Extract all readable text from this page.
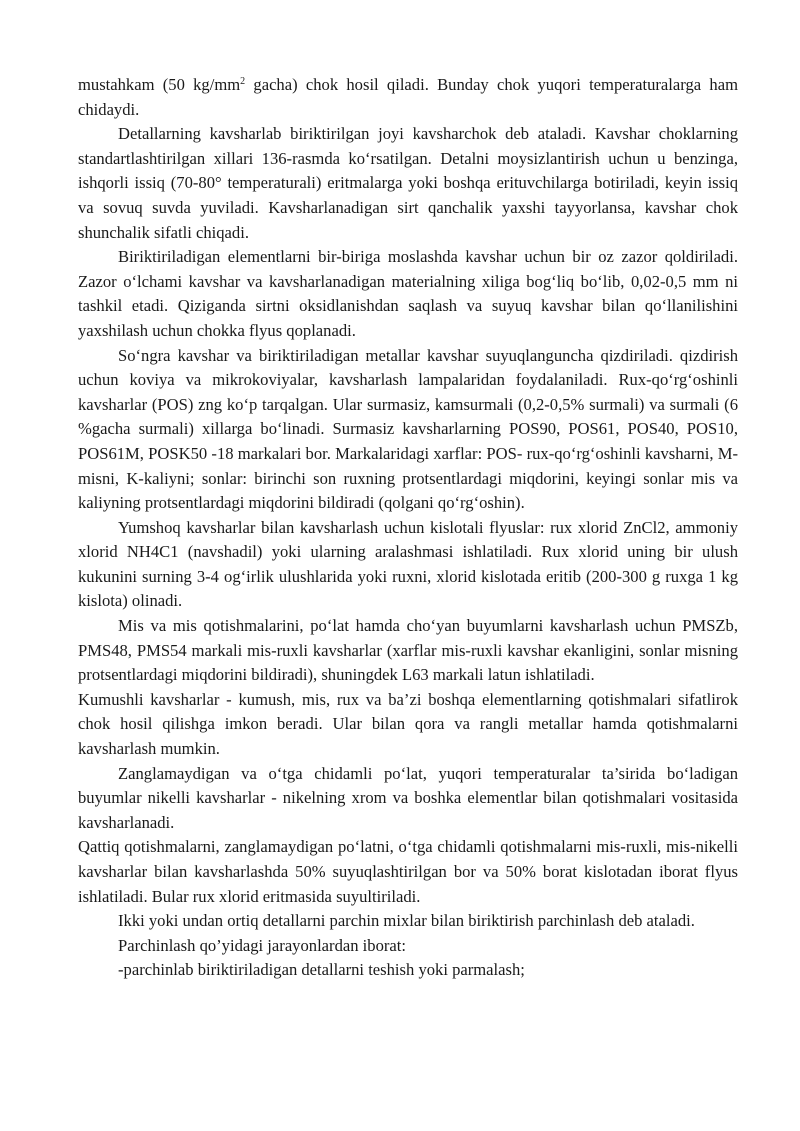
mustahkam (50 $kg/mm^2$ gacha) chok hosil qiladi. Bunday chok yuqori temperaturalarga ham chidaydi.

Detallarning kavsharlab biriktirilgan joyi kavsharchok deb ataladi. Kavshar choklarning standartlashtirilgan xillari 136-rasmda ko‘rsatilgan. Detalni moysizlantirish uchun u benzinga, ishqorli issiq (70-80° temperaturali) eritmalarga yoki boshqa erituvchilarga botiriladi, keyin issiq va sovuq suvda yuviladi. Kavsharlanadigan sirt qanchalik yaxshi tayyorlansa, kavshar chok shunchalik sifatli chiqadi.

Biriktiriladigan elementlarni bir-biriga moslashda kavshar uchun bir oz zazor qoldiriladi. Zazor o‘lchami kavshar va kavsharlanadigan materialning xiliga bog‘liq bo‘lib, 0,02-0,5 mm ni tashkil etadi. Qiziganda sirtni oksidlanishdan saqlash va suyuq kavshar bilan qo‘llanilishini yaxshilash uchun chokka flyus qoplanadi.

So‘ngra kavshar va biriktiriladigan metallar kavshar suyuqlanguncha qizdiriladi. qizdirish uchun koviya va mikrokoviyalar, kavsharlash lampalaridan foydalaniladi. Rux-qo‘rg‘oshinli kavsharlar (POS) zng ko‘p tarqalgan. Ular surmasiz, kamsurmali (0,2-0,5% surmali) va surmali (6 %gacha surmali) xillarga bo‘linadi. Surmasiz kavsharlarning POS90, POS61, POS40, POS10, POS61M, POSK50 -18 markalari bor. Markalaridagi xarflar: POS- rux-qo‘rg‘oshinli kavsharni, M-misni, K-kaliyni; sonlar: birinchi son ruxning protsentlardagi miqdorini, keyingi sonlar mis va kaliyning protsentlardagi miqdorini bildiradi (qolgani qo‘rg‘oshin).

Yumshoq kavsharlar bilan kavsharlash uchun kislotali flyuslar: rux xlorid ZnCl2, ammoniy xlorid NH4C1 (navshadil) yoki ularning aralashmasi ishlatiladi. Rux xlorid uning bir ulush kukunini surning 3-4 og‘irlik ulushlarida yoki ruxni, xlorid kislotada eritib (200-300 g ruxga 1 kg kislota) olinadi.

Mis va mis qotishmalarini, po‘lat hamda cho‘yan buyumlarni kavsharlash uchun PMSZb, PMS48, PMS54 markali mis-ruxli kavsharlar (xarflar mis-ruxli kavshar ekanligini, sonlar misning protsentlardagi miqdorini bildiradi), shuningdek L63 markali latun ishlatiladi.

Kumushli kavsharlar - kumush, mis, rux va ba’zi boshqa elementlarning qotishmalari sifatlirok chok hosil qilishga imkon beradi. Ular bilan qora va rangli metallar hamda qotishmalarni kavsharlash mumkin.

Zanglamaydigan va o‘tga chidamli po‘lat, yuqori temperaturalar ta’sirida bo‘ladigan buyumlar nikelli kavsharlar - nikelning xrom va boshka elementlar bilan qotishmalari vositasida kavsharlanadi.

Qattiq qotishmalarni, zanglamaydigan po‘latni, o‘tga chidamli qotishmalarni mis-ruxli, mis-nikelli kavsharlar bilan kavsharlashda 50% suyuqlashtirilgan bor va 50% borat kislotadan iborat flyus ishlatiladi. Bular rux xlorid eritmasida suyultiriladi.

Ikki yoki undan ortiq detallarni parchin mixlar bilan biriktirish parchinlash deb ataladi.

Parchinlash qo’yidagi jarayonlardan iborat:

-parchinlab biriktiriladigan detallarni teshish yoki parmalash;
